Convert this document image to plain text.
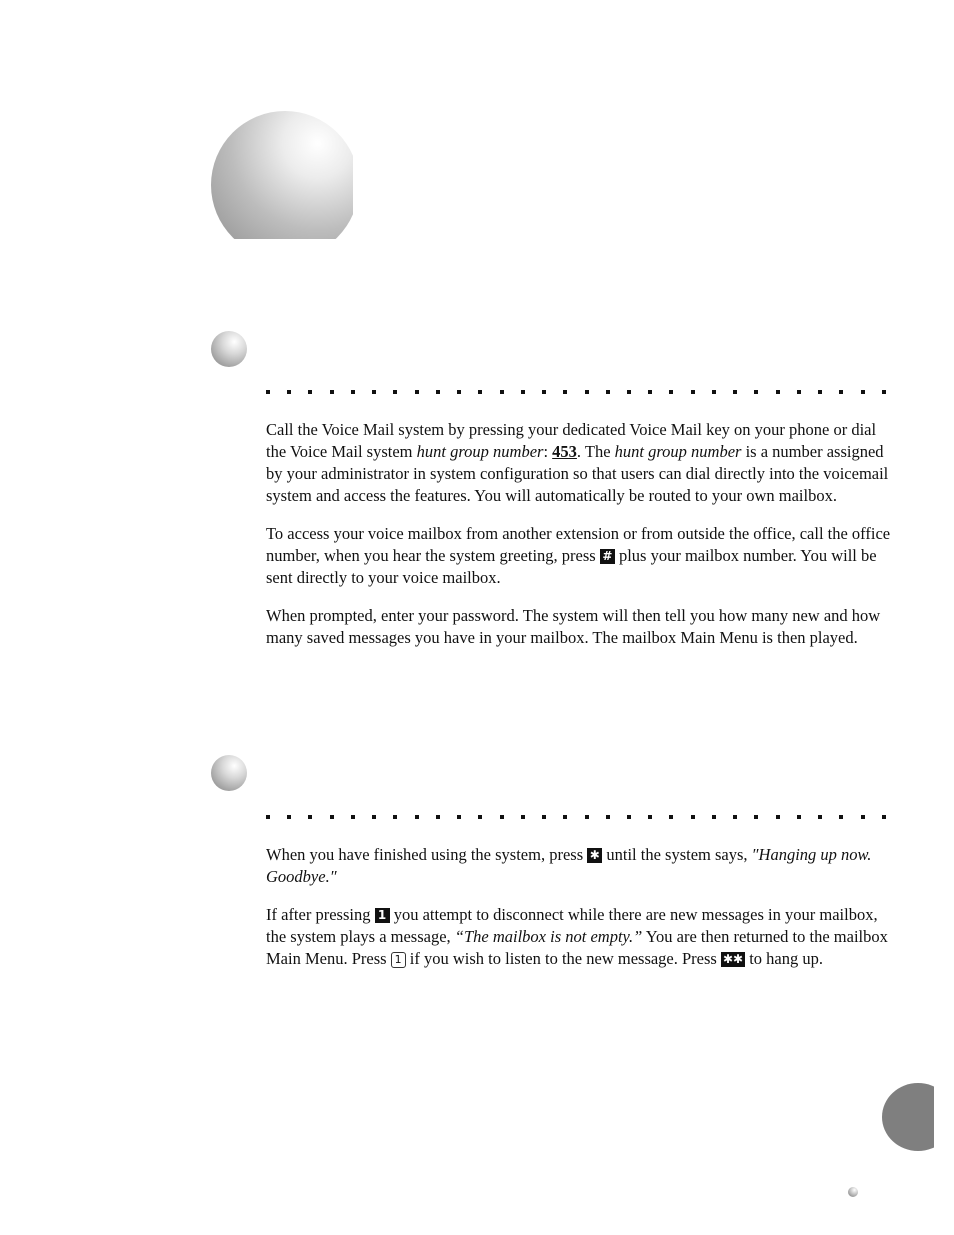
Call the Voice Mail system by pressing your dedicated Voice Mail key on your phone or dial the Voice Mail system hunt group number: 453. The hunt group number is a number assigned by your administrator in system configuration so that users can dial directly into the voicemail system and access the features. You will automatically be routed to your own mailbox.

To access your voice mailbox from another extension or from outside the office, call the office number, when you hear the system greeting, press # plus your mailbox number. You will be sent directly to your voice mailbox.

When prompted, enter your password. The system will then tell you how many new and how many saved messages you have in your mailbox. The mailbox Main Menu is then played.

When you have finished using the system, press ✱ until the system says, ″Hanging up now. Goodbye.″

If after pressing 1 you attempt to disconnect while there are new messages in your mailbox, the system plays a message, “The mailbox is not empty.” You are then returned to the mailbox Main Menu. Press 1 if you wish to listen to the new message. Press ✱✱ to hang up.
